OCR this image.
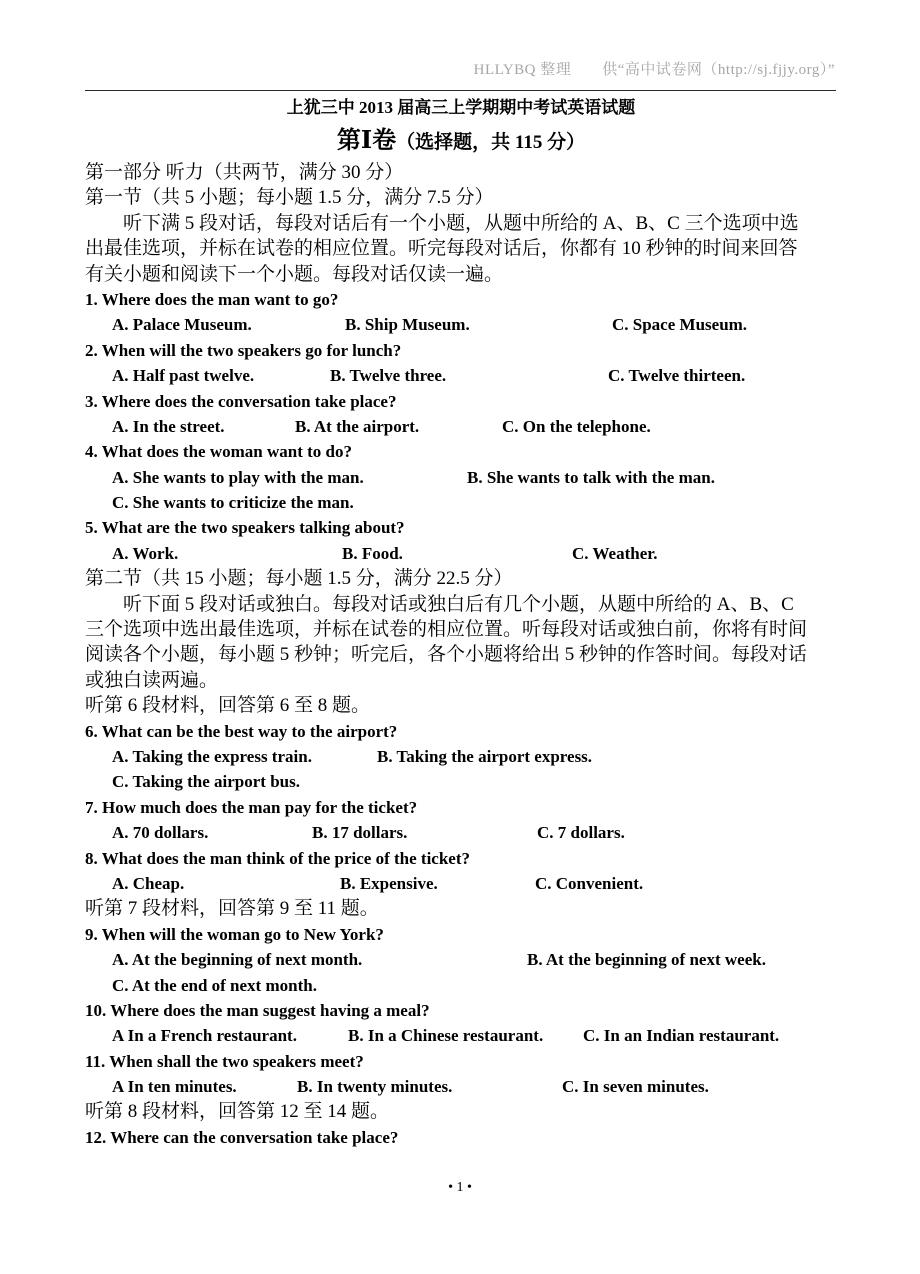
HLLYBQ 整理　　供“高中试卷网（http://sj.fjjy.org）”
上犹三中 2013 届高三上学期期中考试英语试题
第Ⅰ卷（选择题，共 115 分）
第一部分 听力（共两节，满分 30 分）
第一节（共 5 小题；每小题 1.5 分，满分 7.5 分）
听下满 5 段对话，每段对话后有一个小题，从题中所给的 A、B、C 三个选项中选
出最佳选项，并标在试卷的相应位置。听完每段对话后，你都有 10 秒钟的时间来回答
有关小题和阅读下一个小题。每段对话仅读一遍。
1. Where does the man want to go?
A. Palace Museum.	B. Ship Museum.	C. Space Museum.
2. When will the two speakers go for lunch?
A. Half past twelve.	B. Twelve three.	C. Twelve thirteen.
3. Where does the conversation take place?
A. In the street.	B. At the airport.	C. On the telephone.
4. What does the woman want to do?
A. She wants to play with the man.	B. She wants to talk with the man.
C. She wants to criticize the man.
5. What are the two speakers talking about?
A. Work.	B. Food.	C. Weather.
第二节（共 15 小题；每小题 1.5 分，满分 22.5 分）
听下面 5 段对话或独白。每段对话或独白后有几个小题，从题中所给的 A、B、C
三个选项中选出最佳选项，并标在试卷的相应位置。听每段对话或独白前，你将有时间
阅读各个小题，每小题 5 秒钟；听完后，各个小题将给出 5 秒钟的作答时间。每段对话
或独白读两遍。
听第 6 段材料，回答第 6 至 8 题。
6. What can be the best way to the airport?
A. Taking the express train.	B. Taking the airport express.
C. Taking the airport bus.
7. How much does the man pay for the ticket?
A. 70 dollars.	B. 17 dollars.	C. 7 dollars.
8. What does the man think of the price of the ticket?
A. Cheap.	B. Expensive.	C. Convenient.
听第 7 段材料，回答第 9 至 11 题。
9. When will the woman go to New York?
A. At the beginning of next month.	B. At the beginning of next week.
C. At the end of next month.
10. Where does the man suggest having a meal?
A In a French restaurant.	B. In a Chinese restaurant. C. In an Indian restaurant.
11. When shall the two speakers meet?
A In ten minutes.	B. In twenty minutes.	C. In seven minutes.
听第 8 段材料，回答第 12 至 14 题。
12. Where can the conversation take place?
• 1 •
